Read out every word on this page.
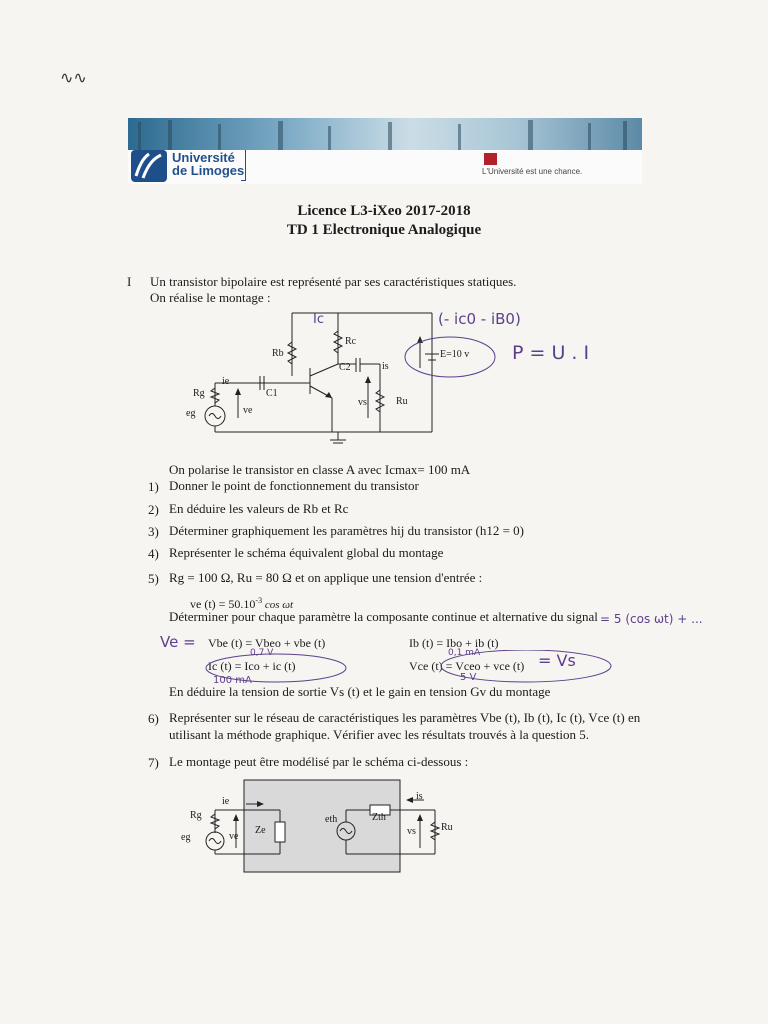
∿∿
Université
de Limoges	L'Université est une chance.
Licence L3-iXeo 2017-2018
TD 1 Electronique Analogique
I Un transistor bipolaire est représenté par ses caractéristiques statiques.
On réalise le montage :
Rb
Rc
C2
C1
Rg
eg
ie
ve
vs
is
Ru
E=10 v
Ic	(- ic0 - iB0)
P = U . I
On polarise le transistor en classe A avec Icmax= 100 mA
1) Donner le point de fonctionnement du transistor
2) En déduire les valeurs de Rb et Rc
3) Déterminer graphiquement les paramètres hij du transistor (h12 = 0)
4) Représenter le schéma équivalent global du montage
5) Rg = 100 Ω, Ru = 80 Ω et on applique une tension d'entrée :
ve $(t) = 50.10^{-3}$ cos ωt
Déterminer pour chaque paramètre la composante continue et alternative du signal
Ve = Vbe (t) = Vbeo + vbe (t)	Ib (t) = Ibo + ib (t)
0,7 V	0,1 mA
Ic (t) = Ico + ic (t)	Vce (t) = Vceo + vce (t)
100 mA	5 V
= Vs
= 5 (cos ωt) + ...
En déduire la tension de sortie Vs (t) et le gain en tension Gv du montage
6) Représenter sur le réseau de caractéristiques les paramètres Vbe (t), Ib (t), Ic (t), Vce (t) en
utilisant la méthode graphique. Vérifier avec les résultats trouvés à la question 5.
7) Le montage peut être modélisé par le schéma ci-dessous :
Rg
eg
ie
ve
Ze
eth	Zth
is
vs	Ru
